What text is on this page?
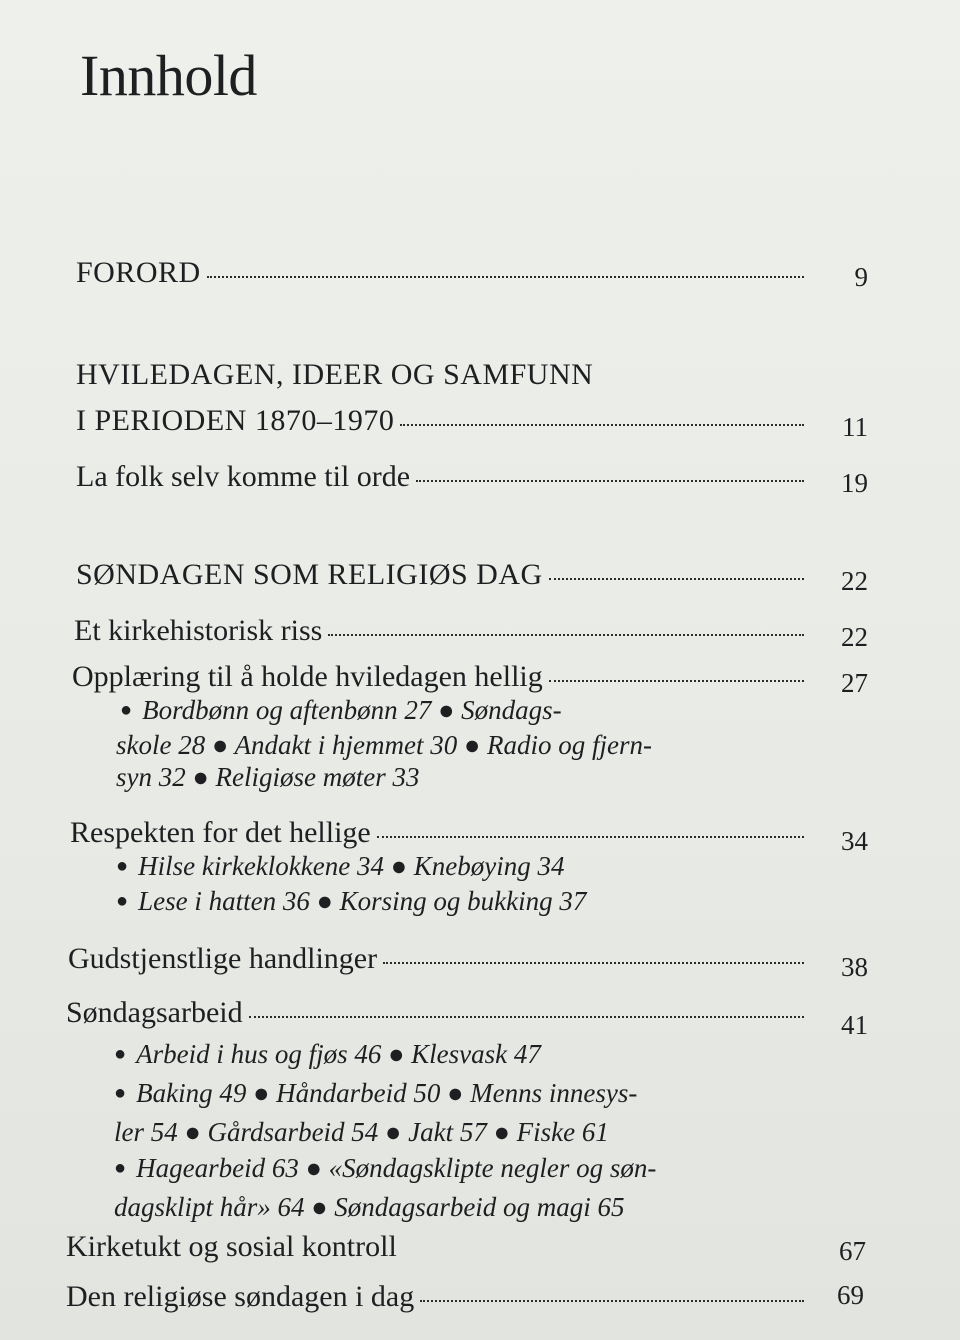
Innhold
FORORD	9
HVILEDAGEN, IDEER OG SAMFUNN
I PERIODEN 1870–1970	11
La folk selv komme til orde	19
SØNDAGEN SOM RELIGIØS DAG	22
Et kirkehistorisk riss	22
Opplæring til å holde hviledagen hellig	27
● Bordbønn og aftenbønn 27 ● Søndags-
skole 28 ● Andakt i hjemmet 30 ● Radio og fjern-
syn 32 ● Religiøse møter 33
Respekten for det hellige	34
● Hilse kirkeklokkene 34 ● Knebøying 34
● Lese i hatten 36 ● Korsing og bukking 37
Gudstjenstlige handlinger	38
Søndagsarbeid	41
● Arbeid i hus og fjøs 46 ● Klesvask 47
● Baking 49 ● Håndarbeid 50 ● Menns innesys-
ler 54 ● Gårdsarbeid 54 ● Jakt 57 ● Fiske 61
● Hagearbeid 63 ● «Søndagsklipte negler og søn-
dagsklipt hår» 64 ● Søndagsarbeid og magi 65
Kirketukt og sosial kontroll	67
Den religiøse søndagen i dag	69
